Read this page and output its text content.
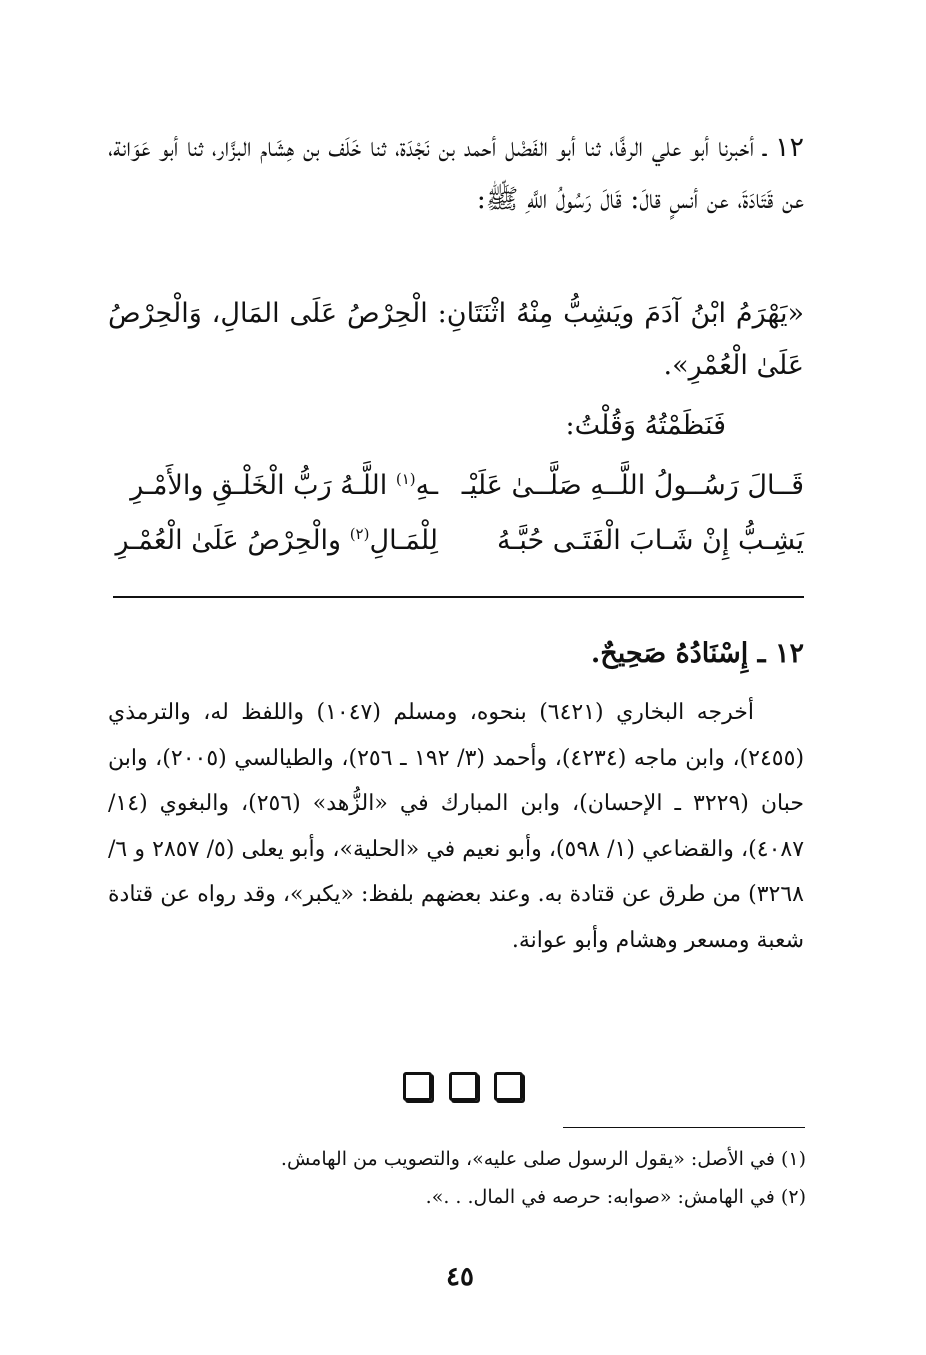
١٢ ـ أخبرنا أبو علي الرفَّا، ثنا أبو الفَضْل أحمد بن نَجْدَة، ثنا خَلَف بن هِشَام البزَّار، ثنا أبو عَوَانة، عن قَتَادَةَ، عن أنسٍ قالَ: قَالَ رَسُولُ اللَّهِ ﷺ:

«يَهْرَمُ ابْنُ آدَمَ ويَشِبُّ مِنْهُ اثْنَتَانِ: الْحِرْصُ عَلَى المَالِ، وَالْحِرْصُ عَلَىٰ الْعُمْرِ».

فَنَظَمْتُهُ وَقُلْتُ:
قَــالَ رَسُــولُ اللَّــهِ صَلَّــىٰ عَلَيْـ
ـهِ$^{(١)}$ اللَّـهُ رَبُّ الْخَلْـقِ والأَمْـرِ
يَشِـبُّ إِنْ شَـابَ الْفَتَـى حُبَّـهُ
لِلْمَـالِ$^{(٢)}$ والْحِرْصُ عَلَىٰ الْعُمْـرِ
١٢ ـ إِسْنَادُهُ صَحِيحٌ.

أخرجه البخاري (٦٤٢١) بنحوه، ومسلم (١٠٤٧) واللفظ له، والترمذي (٢٤٥٥)، وابن ماجه (٤٢٣٤)، وأحمد (٣/ ١٩٢ ـ ٢٥٦)، والطيالسي (٢٠٠٥)، وابن حبان (٣٢٢٩ ـ الإحسان)، وابن المبارك في «الزُّهد» (٢٥٦)، والبغوي (١٤/ ٤٠٨٧)، والقضاعي (١/ ٥٩٨)، وأبو نعيم في «الحلية»، وأبو يعلى (٥/ ٢٨٥٧ و ٦/ ٣٢٦٨) من طرق عن قتادة به. وعند بعضهم بلفظ: «يكبر»، وقد رواه عن قتادة شعبة ومسعر وهشام وأبو عوانة.

(١) في الأصل: «يقول الرسول صلى عليه»، والتصويب من الهامش.
(٢) في الهامش: «صوابه: حرصه في المال. . .».
٤٥
